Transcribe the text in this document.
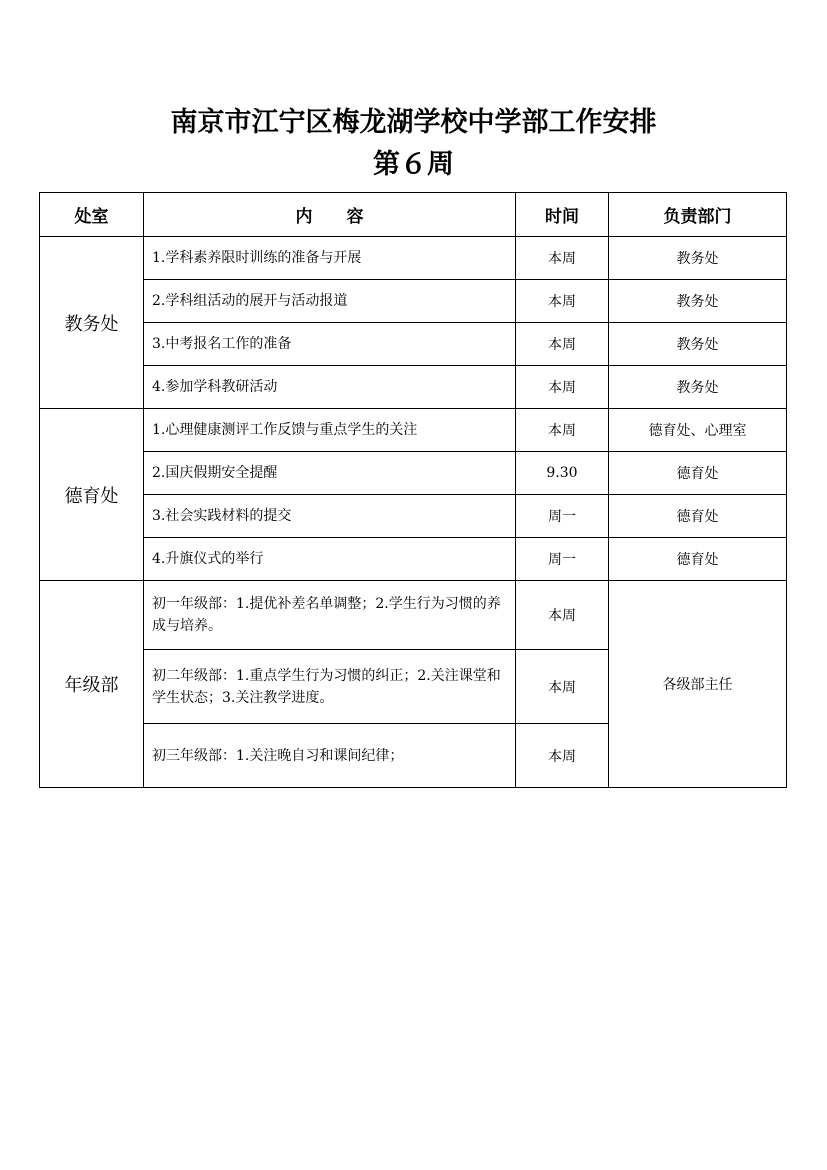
南京市江宁区梅龙湖学校中学部工作安排
第６周
处室	内　　容	时间	负责部门
教务处	1.学科素养限时训练的准备与开展	本周	教务处
	2.学科组活动的展开与活动报道	本周	教务处
	3.中考报名工作的准备	本周	教务处
	4.参加学科教研活动	本周	教务处
德育处	1.心理健康测评工作反馈与重点学生的关注	本周	德育处、心理室
	2.国庆假期安全提醒	9.30	德育处
	3.社会实践材料的提交	周一	德育处
	4.升旗仪式的举行	周一	德育处
年级部	初一年级部：1.提优补差名单调整；2.学生行为习惯的养成与培养。	本周	各级部主任
	初二年级部：1.重点学生行为习惯的纠正；2.关注课堂和学生状态；3.关注教学进度。	本周	
	初三年级部：1.关注晚自习和课间纪律；	本周	
